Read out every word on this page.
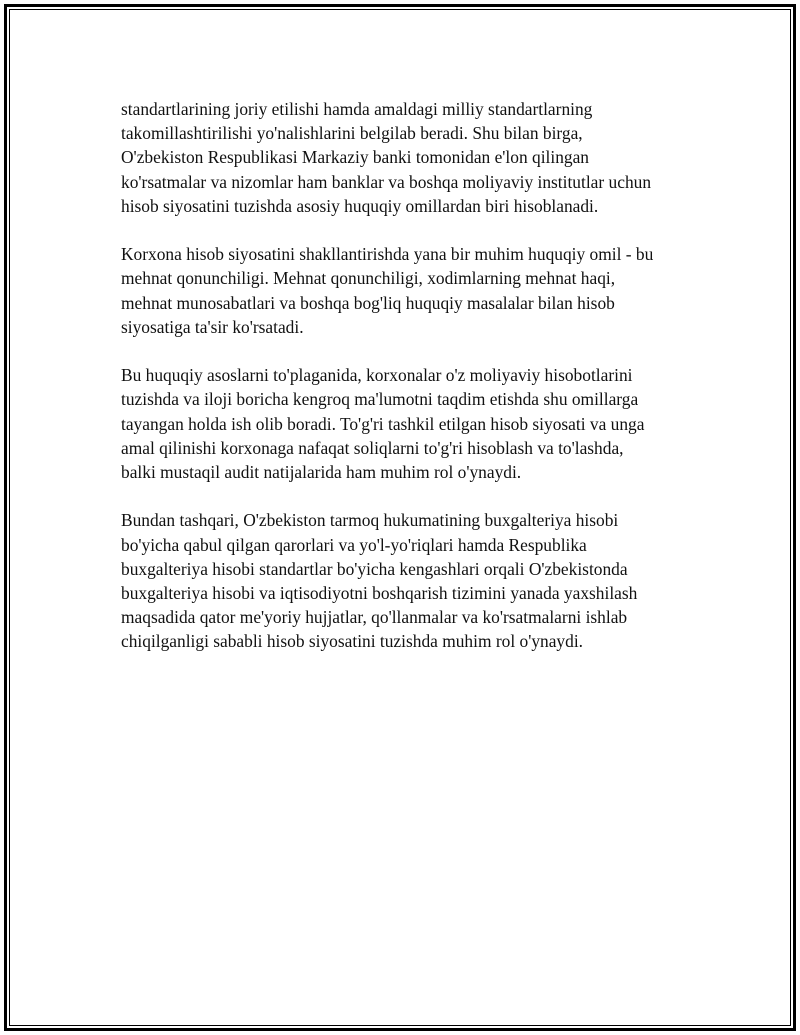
standartlarining joriy etilishi hamda amaldagi milliy standartlarning
takomillashtirilishi yo'nalishlarini belgilab beradi. Shu bilan birga,
O'zbekiston Respublikasi Markaziy banki tomonidan e'lon qilingan
ko'rsatmalar va nizomlar ham banklar va boshqa moliyaviy institutlar uchun
hisob siyosatini tuzishda asosiy huquqiy omillardan biri hisoblanadi.

Korxona hisob siyosatini shakllantirishda yana bir muhim huquqiy omil - bu
mehnat qonunchiligi. Mehnat qonunchiligi, xodimlarning mehnat haqi,
mehnat munosabatlari va boshqa bog'liq huquqiy masalalar bilan hisob
siyosatiga ta'sir ko'rsatadi.

Bu huquqiy asoslarni to'plaganida, korxonalar o'z moliyaviy hisobotlarini
tuzishda va iloji boricha kengroq ma'lumotni taqdim etishda shu omillarga
tayangan holda ish olib boradi. To'g'ri tashkil etilgan hisob siyosati va unga
amal qilinishi korxonaga nafaqat soliqlarni to'g'ri hisoblash va to'lashda,
balki mustaqil audit natijalarida ham muhim rol o'ynaydi.

Bundan tashqari, O'zbekiston tarmoq hukumatining buxgalteriya hisobi
bo'yicha qabul qilgan qarorlari va yo'l-yo'riqlari hamda Respublika
buxgalteriya hisobi standartlar bo'yicha kengashlari orqali O'zbekistonda
buxgalteriya hisobi va iqtisodiyotni boshqarish tizimini yanada yaxshilash
maqsadida qator me'yoriy hujjatlar, qo'llanmalar va ko'rsatmalarni ishlab
chiqilganligi sababli hisob siyosatini tuzishda muhim rol o'ynaydi.
